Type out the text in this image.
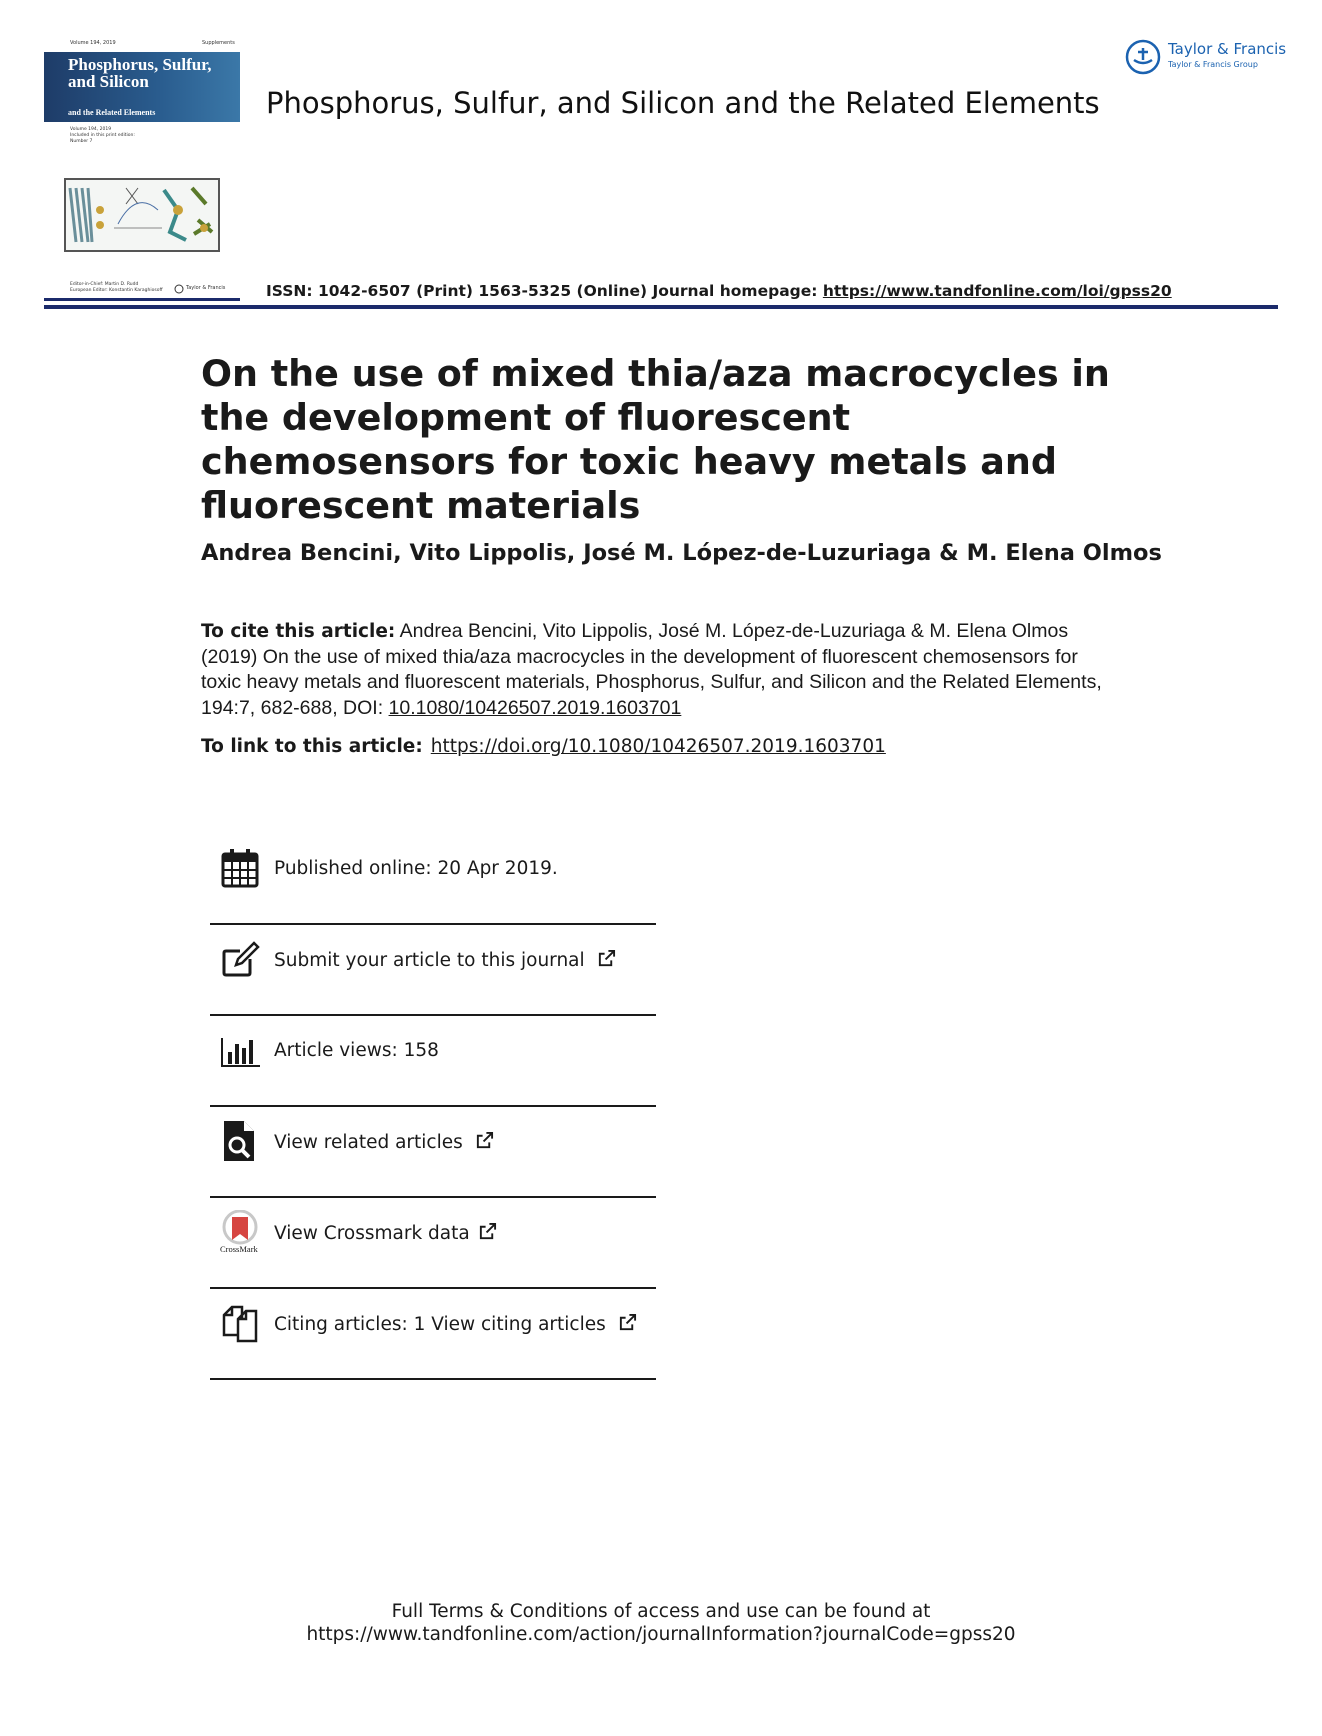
Volume 194, 2019	Supplements
Phosphorus, Sulfur, and Silicon
and the Related Elements
Volume 194, 2019
Included in this print edition:
Number 7
Editor-in-Chief: Martin D. Rudd
European Editor: Konstantin Karaghiosoff	Taylor & Francis
Phosphorus, Sulfur, and Silicon and the Related Elements
Taylor & Francis
Taylor & Francis Group
ISSN: 1042-6507 (Print) 1563-5325 (Online) Journal homepage: https://www.tandfonline.com/loi/gpss20
On the use of mixed thia/aza macrocycles in the development of fluorescent chemosensors for toxic heavy metals and fluorescent materials
Andrea Bencini, Vito Lippolis, José M. López-de-Luzuriaga & M. Elena Olmos
To cite this article: Andrea Bencini, Vito Lippolis, José M. López-de-Luzuriaga & M. Elena Olmos (2019) On the use of mixed thia/aza macrocycles in the development of fluorescent chemosensors for toxic heavy metals and fluorescent materials, Phosphorus, Sulfur, and Silicon and the Related Elements, 194:7, 682-688, DOI: 10.1080/10426507.2019.1603701
To link to this article: https://doi.org/10.1080/10426507.2019.1603701
Published online: 20 Apr 2019.
Submit your article to this journal
Article views: 158
View related articles
CrossMark
View Crossmark data
Citing articles: 1 View citing articles
Full Terms & Conditions of access and use can be found at
https://www.tandfonline.com/action/journalInformation?journalCode=gpss20
